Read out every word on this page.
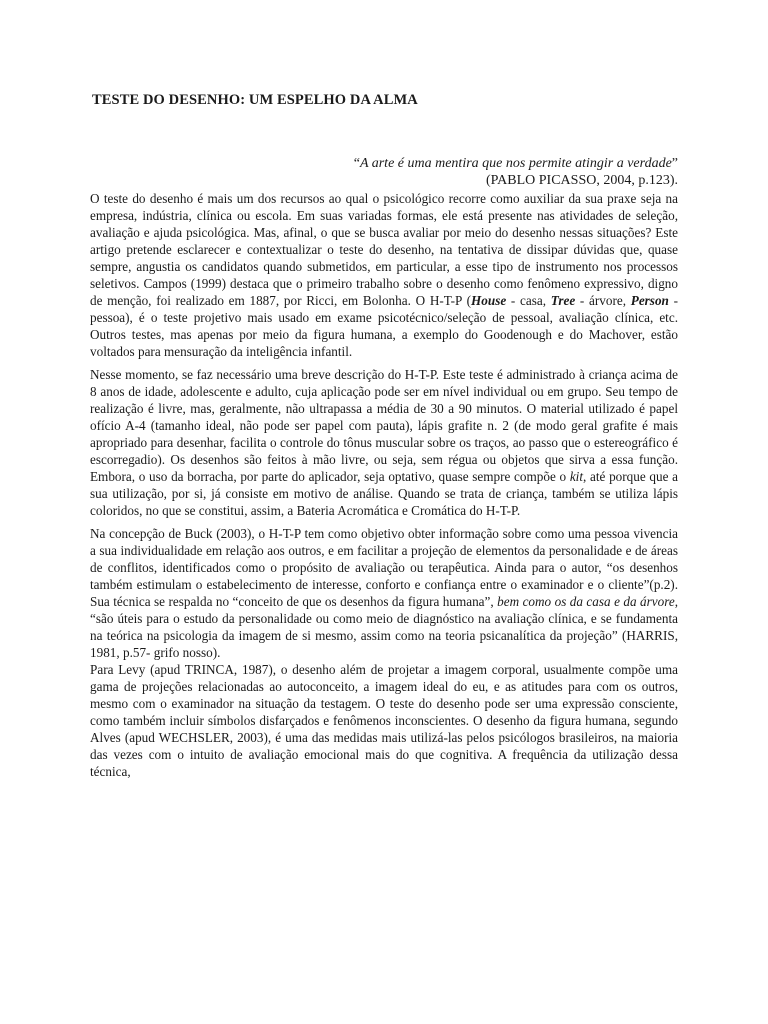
TESTE DO DESENHO: UM ESPELHO DA ALMA
“A arte é uma mentira que nos permite atingir a verdade”
(PABLO PICASSO, 2004, p.123).

O teste do desenho é mais um dos recursos ao qual o psicológico recorre como auxiliar da sua praxe seja na empresa, indústria, clínica ou escola. Em suas variadas formas, ele está presente nas atividades de seleção, avaliação e ajuda psicológica. Mas, afinal, o que se busca avaliar por meio do desenho nessas situações? Este artigo pretende esclarecer e contextualizar o teste do desenho, na tentativa de dissipar dúvidas que, quase sempre, angustia os candidatos quando submetidos, em particular, a esse tipo de instrumento nos processos seletivos. Campos (1999) destaca que o primeiro trabalho sobre o desenho como fenômeno expressivo, digno de menção, foi realizado em 1887, por Ricci, em Bolonha. O H-T-P (House - casa, Tree - árvore, Person - pessoa), é o teste projetivo mais usado em exame psicotécnico/seleção de pessoal, avaliação clínica, etc. Outros testes, mas apenas por meio da figura humana, a exemplo do Goodenough e do Machover, estão voltados para mensuração da inteligência infantil.

Nesse momento, se faz necessário uma breve descrição do H-T-P. Este teste é administrado à criança acima de 8 anos de idade, adolescente e adulto, cuja aplicação pode ser em nível individual ou em grupo. Seu tempo de realização é livre, mas, geralmente, não ultrapassa a média de 30 a 90 minutos. O material utilizado é papel ofício A-4 (tamanho ideal, não pode ser papel com pauta), lápis grafite n. 2 (de modo geral grafite é mais apropriado para desenhar, facilita o controle do tônus muscular sobre os traços, ao passo que o estereográfico é escorregadio). Os desenhos são feitos à mão livre, ou seja, sem régua ou objetos que sirva a essa função. Embora, o uso da borracha, por parte do aplicador, seja optativo, quase sempre compõe o kit, até porque que a sua utilização, por si, já consiste em motivo de análise. Quando se trata de criança, também se utiliza lápis coloridos, no que se constitui, assim, a Bateria Acromática e Cromática do H-T-P.

Na concepção de Buck (2003), o H-T-P tem como objetivo obter informação sobre como uma pessoa vivencia a sua individualidade em relação aos outros, e em facilitar a projeção de elementos da personalidade e de áreas de conflitos, identificados como o propósito de avaliação ou terapêutica. Ainda para o autor, “os desenhos também estimulam o estabelecimento de interesse, conforto e confiança entre o examinador e o cliente”(p.2). Sua técnica se respalda no “conceito de que os desenhos da figura humana”, bem como os da casa e da árvore, “são úteis para o estudo da personalidade ou como meio de diagnóstico na avaliação clínica, e se fundamenta na teórica na psicologia da imagem de si mesmo, assim como na teoria psicanalítica da projeção” (HARRIS, 1981, p.57- grifo nosso).

Para Levy (apud TRINCA, 1987), o desenho além de projetar a imagem corporal, usualmente compõe uma gama de projeções relacionadas ao autoconceito, a imagem ideal do eu, e as atitudes para com os outros, mesmo com o examinador na situação da testagem. O teste do desenho pode ser uma expressão consciente, como também incluir símbolos disfarçados e fenômenos inconscientes. O desenho da figura humana, segundo Alves (apud WECHSLER, 2003), é uma das medidas mais utilizá-las pelos psicólogos brasileiros, na maioria das vezes com o intuito de avaliação emocional mais do que cognitiva. A frequência da utilização dessa técnica,
